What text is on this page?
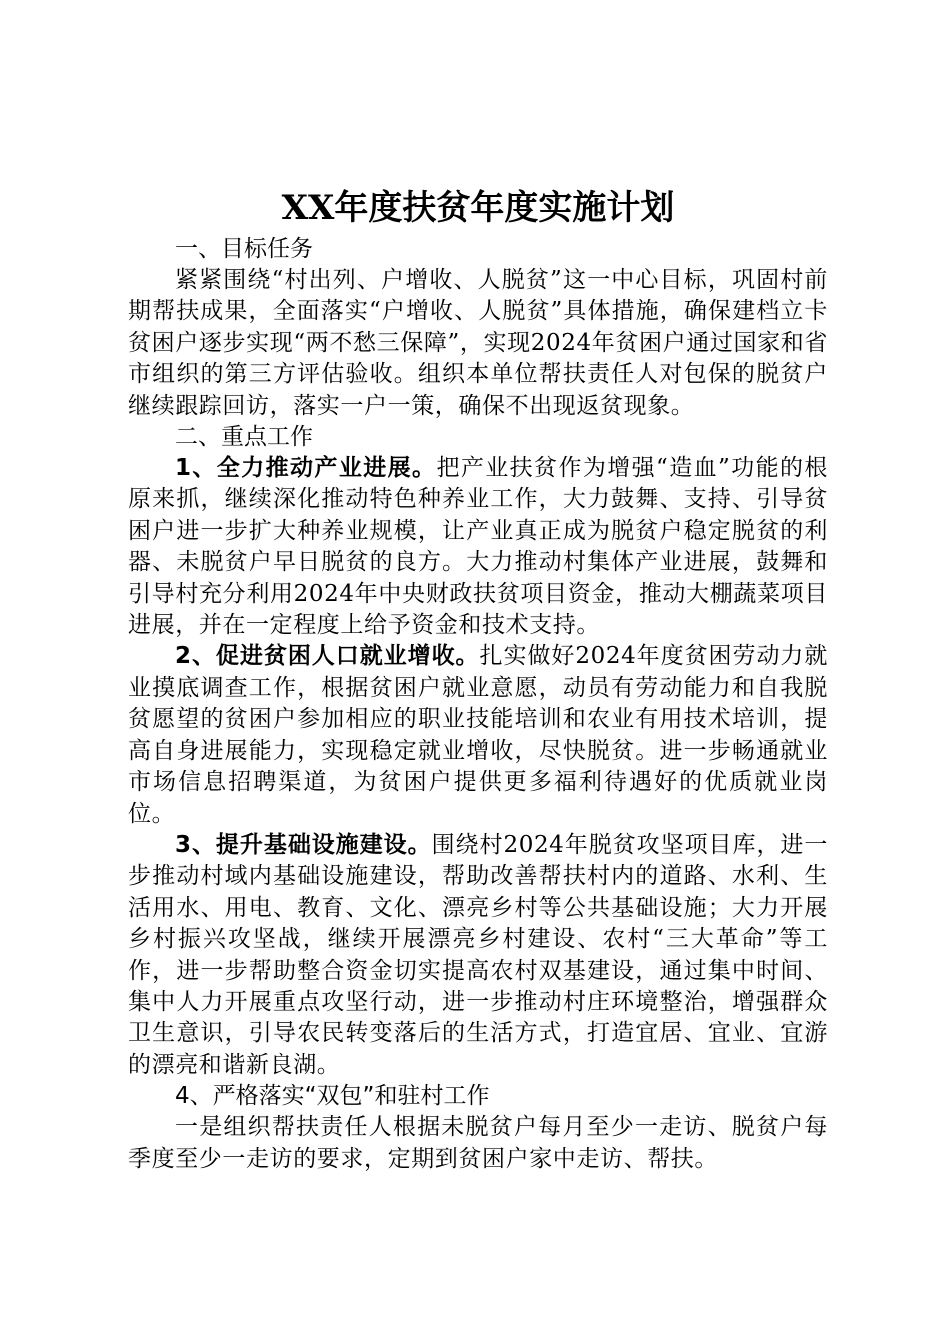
XX年度扶贫年度实施计划

一、目标任务

紧紧围绕“村出列、户增收、人脱贫”这一中心目标，巩固村前期帮扶成果，全面落实“户增收、人脱贫”具体措施，确保建档立卡贫困户逐步实现“两不愁三保障”，实现2024年贫困户通过国家和省市组织的第三方评估验收。组织本单位帮扶责任人对包保的脱贫户继续跟踪回访，落实一户一策，确保不出现返贫现象。

二、重点工作

1、全力推动产业进展。把产业扶贫作为增强“造血”功能的根原来抓，继续深化推动特色种养业工作，大力鼓舞、支持、引导贫困户进一步扩大种养业规模，让产业真正成为脱贫户稳定脱贫的利器、未脱贫户早日脱贫的良方。大力推动村集体产业进展，鼓舞和引导村充分利用2024年中央财政扶贫项目资金，推动大棚蔬菜项目进展，并在一定程度上给予资金和技术支持。

2、促进贫困人口就业增收。扎实做好2024年度贫困劳动力就业摸底调查工作，根据贫困户就业意愿，动员有劳动能力和自我脱贫愿望的贫困户参加相应的职业技能培训和农业有用技术培训，提高自身进展能力，实现稳定就业增收，尽快脱贫。进一步畅通就业市场信息招聘渠道，为贫困户提供更多福利待遇好的优质就业岗位。

3、提升基础设施建设。围绕村2024年脱贫攻坚项目库，进一步推动村域内基础设施建设，帮助改善帮扶村内的道路、水利、生活用水、用电、教育、文化、漂亮乡村等公共基础设施；大力开展乡村振兴攻坚战，继续开展漂亮乡村建设、农村“三大革命”等工作，进一步帮助整合资金切实提高农村双基建设，通过集中时间、集中人力开展重点攻坚行动，进一步推动村庄环境整治，增强群众卫生意识，引导农民转变落后的生活方式，打造宜居、宜业、宜游的漂亮和谐新良湖。

4、严格落实“双包”和驻村工作

一是组织帮扶责任人根据未脱贫户每月至少一走访、脱贫户每季度至少一走访的要求，定期到贫困户家中走访、帮扶。
